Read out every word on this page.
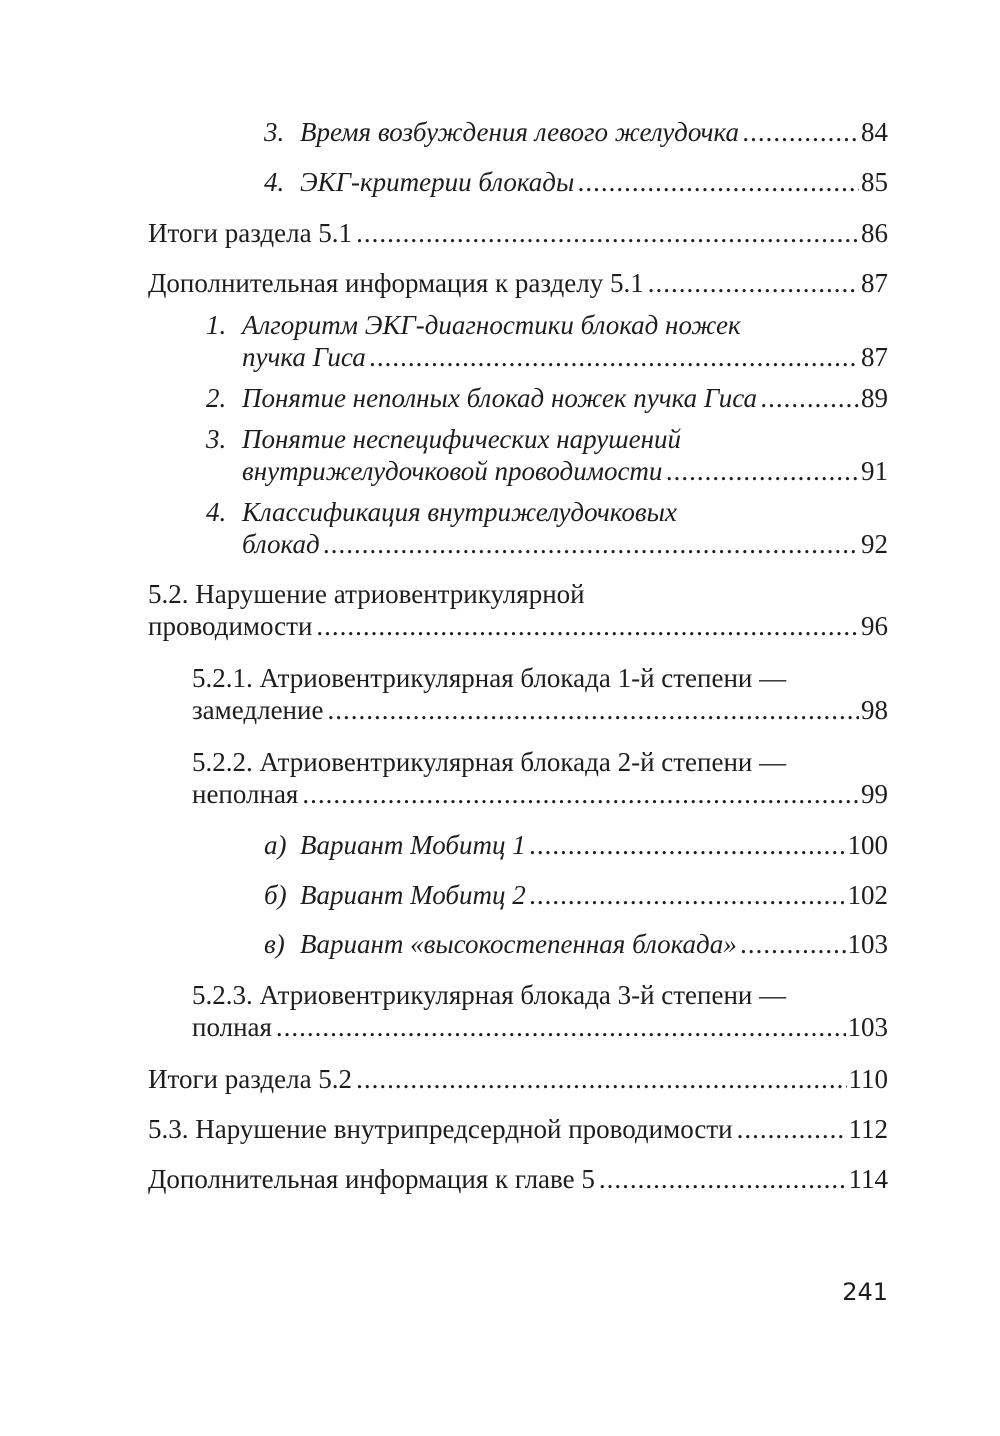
3. Время возбуждения левого желудочка .....	84
4. ЭКГ-критерии блокады .....	85
Итоги раздела 5.1 .....	86
Дополнительная информация к разделу 5.1 .....	87
1. Алгоритм ЭКГ-диагностики блокад ножек
пучка Гиса .....	87
2. Понятие неполных блокад ножек пучка Гиса .....	89
3. Понятие неспецифических нарушений
внутрижелудочковой проводимости .....	91
4. Классификация внутрижелудочковых
блокад .....	92
5.2. Нарушение атриовентрикулярной
проводимости .....	96
5.2.1. Атриовентрикулярная блокада 1-й степени —
замедление .....	98
5.2.2. Атриовентрикулярная блокада 2-й степени —
неполная .....	99
а) Вариант Мобитц 1 .....	100
б) Вариант Мобитц 2 .....	102
в) Вариант «высокостепенная блокада» .....	103
5.2.3. Атриовентрикулярная блокада 3-й степени —
полная .....	103
Итоги раздела 5.2 .....	110
5.3. Нарушение внутрипредсердной проводимости .....	112
Дополнительная информация к главе 5 .....	114
241
